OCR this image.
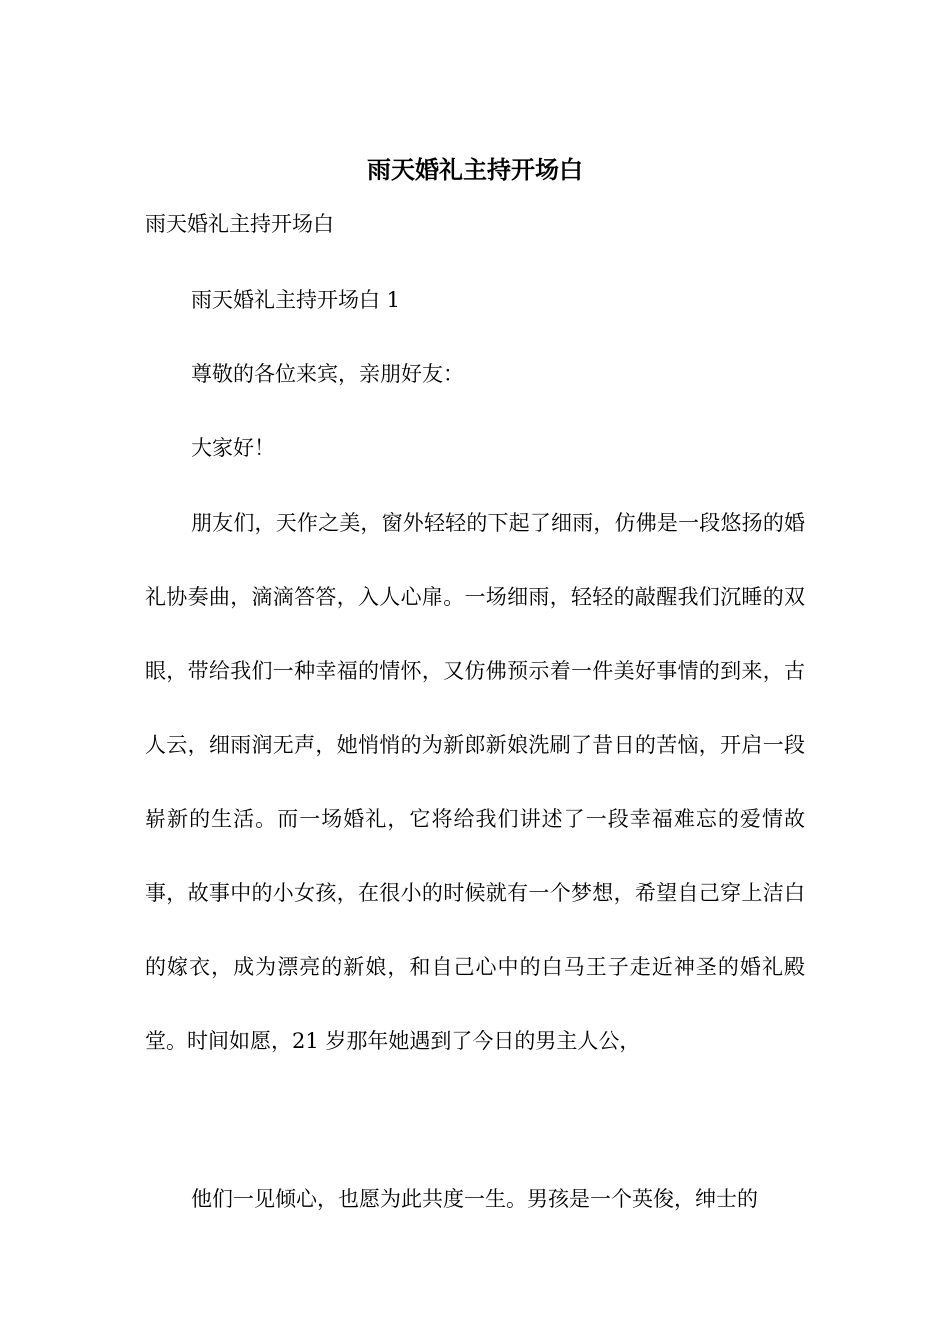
雨天婚礼主持开场白

雨天婚礼主持开场白

雨天婚礼主持开场白 1

尊敬的各位来宾，亲朋好友：

大家好！

朋友们，天作之美，窗外轻轻的下起了细雨，仿佛是一段悠扬的婚礼协奏曲，滴滴答答，入人心扉。一场细雨，轻轻的敲醒我们沉睡的双眼，带给我们一种幸福的情怀，又仿佛预示着一件美好事情的到来，古人云，细雨润无声，她悄悄的为新郎新娘洗刷了昔日的苦恼，开启一段崭新的生活。而一场婚礼，它将给我们讲述了一段幸福难忘的爱情故事，故事中的小女孩，在很小的时候就有一个梦想，希望自己穿上洁白的嫁衣，成为漂亮的新娘，和自己心中的白马王子走近神圣的婚礼殿堂。时间如愿，21 岁那年她遇到了今日的男主人公，

他们一见倾心，也愿为此共度一生。男孩是一个英俊，绅士的
